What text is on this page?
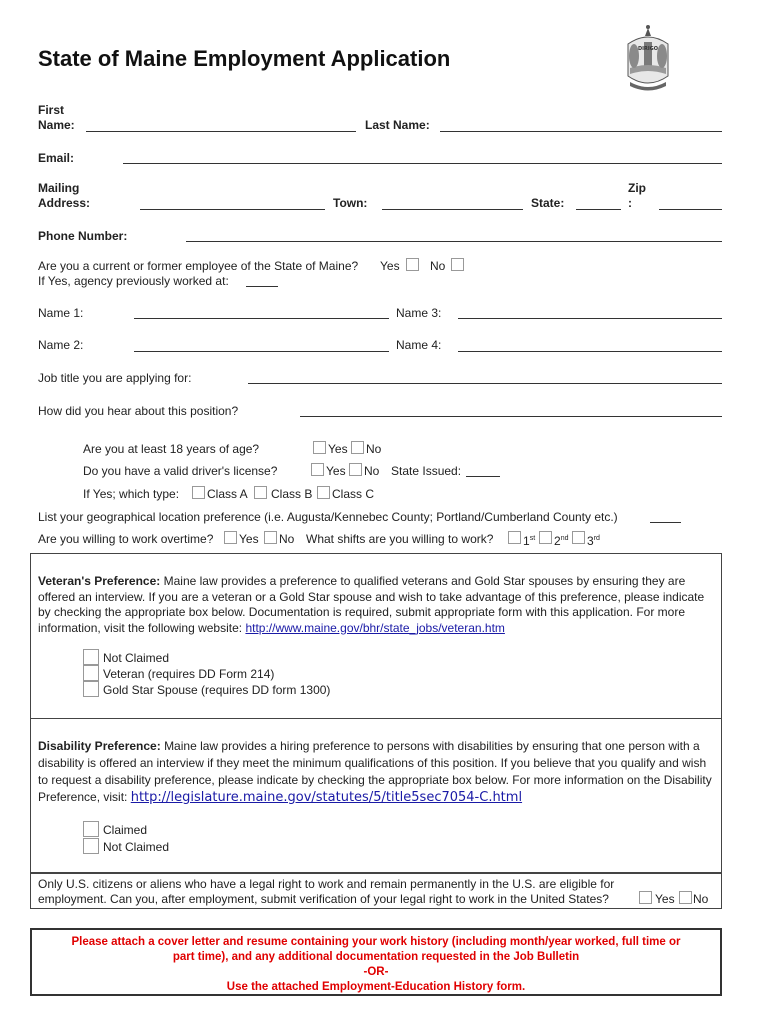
State of Maine Employment Application	DIRIGO
First
Name:	Last Name:
Email:
Mailing
Address:	Town:	State:
Zip
:
Phone Number:
Are you a current or former employee of the State of Maine? Yes	No
If Yes, agency previously worked at:
Name 1:	Name 3:
Name 2:	Name 4:
Job title you are applying for:
How did you hear about this position?
Are you at least 18 years of age?	Yes No
Do you have a valid driver's license?	Yes No State Issued:
If Yes; which type: Class A Class B Class C
List your geographical location preference (i.e. Augusta/Kennebec County; Portland/Cumberland County etc.)
Are you willing to work overtime? Yes No What shifts are you willing to work? 1st 2nd 3rd
Veteran's Preference: Maine law provides a preference to qualified veterans and Gold Star spouses by ensuring they are offered an interview. If you are a veteran or a Gold Star spouse and wish to take advantage of this preference, please indicate by checking the appropriate box below. Documentation is required, submit appropriate form with this application. For more information, visit the following website: http://www.maine.gov/bhr/state_jobs/veteran.htm
Not Claimed
Veteran (requires DD Form 214)
Gold Star Spouse (requires DD form 1300)
Disability Preference: Maine law provides a hiring preference to persons with disabilities by ensuring that one person with a disability is offered an interview if they meet the minimum qualifications of this position. If you believe that you qualify and wish to request a disability preference, please indicate by checking the appropriate box below. For more information on the Disability Preference, visit: http://legislature.maine.gov/statutes/5/title5sec7054-C.html
Claimed
Not Claimed
Only U.S. citizens or aliens who have a legal right to work and remain permanently in the U.S. are eligible for employment. Can you, after employment, submit verification of your legal right to work in the United States?	Yes No
Please attach a cover letter and resume containing your work history (including month/year worked, full time or
part time), and any additional documentation requested in the Job Bulletin
-OR-
Use the attached Employment-Education History form.
